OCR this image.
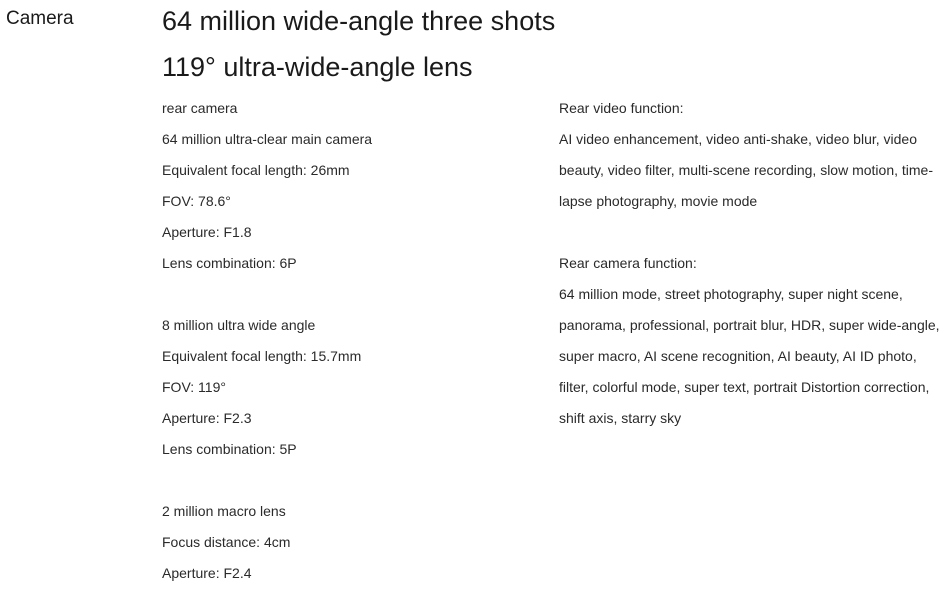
Camera	64 million wide-angle three shots
119° ultra-wide-angle lens
rear camera
64 million ultra-clear main camera
Equivalent focal length: 26mm
FOV: 78.6°
Aperture: F1.8
Lens combination: 6P
8 million ultra wide angle
Equivalent focal length: 15.7mm
FOV: 119°
Aperture: F2.3
Lens combination: 5P
2 million macro lens
Focus distance: 4cm
Aperture: F2.4
Rear video function:
AI video enhancement, video anti-shake, video blur, video
beauty, video filter, multi-scene recording, slow motion, time-
lapse photography, movie mode
Rear camera function:
64 million mode, street photography, super night scene,
panorama, professional, portrait blur, HDR, super wide-angle,
super macro, AI scene recognition, AI beauty, AI ID photo,
filter, colorful mode, super text, portrait Distortion correction,
shift axis, starry sky
